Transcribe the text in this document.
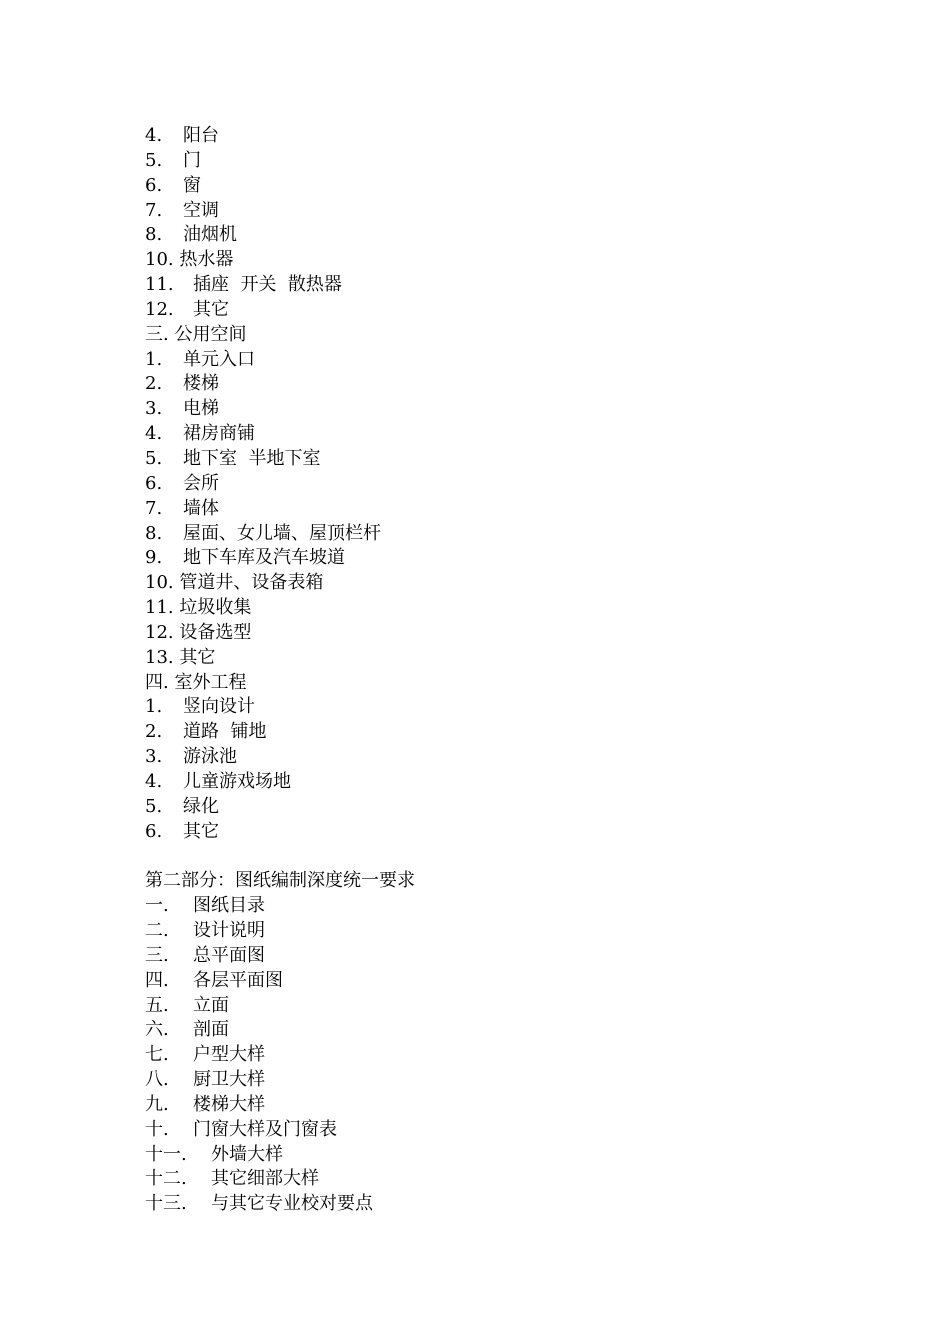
4. 阳台
5. 门
6. 窗
7. 空调
8. 油烟机
10. 热水器
11. 插座  开关  散热器
12. 其它
三. 公用空间
1. 单元入口
2. 楼梯
3. 电梯
4. 裙房商铺
5. 地下室  半地下室
6. 会所
7. 墙体
8. 屋面、女儿墙、屋顶栏杆
9. 地下车库及汽车坡道
10. 管道井、设备表箱
11. 垃圾收集
12. 设备选型
13. 其它
四. 室外工程
1. 竖向设计
2. 道路  铺地
3. 游泳池
4. 儿童游戏场地
5. 绿化
6. 其它
第二部分：图纸编制深度统一要求
一. 图纸目录
二. 设计说明
三. 总平面图
四. 各层平面图
五. 立面
六. 剖面
七. 户型大样
八. 厨卫大样
九. 楼梯大样
十. 门窗大样及门窗表
十一. 外墙大样
十二. 其它细部大样
十三. 与其它专业校对要点
